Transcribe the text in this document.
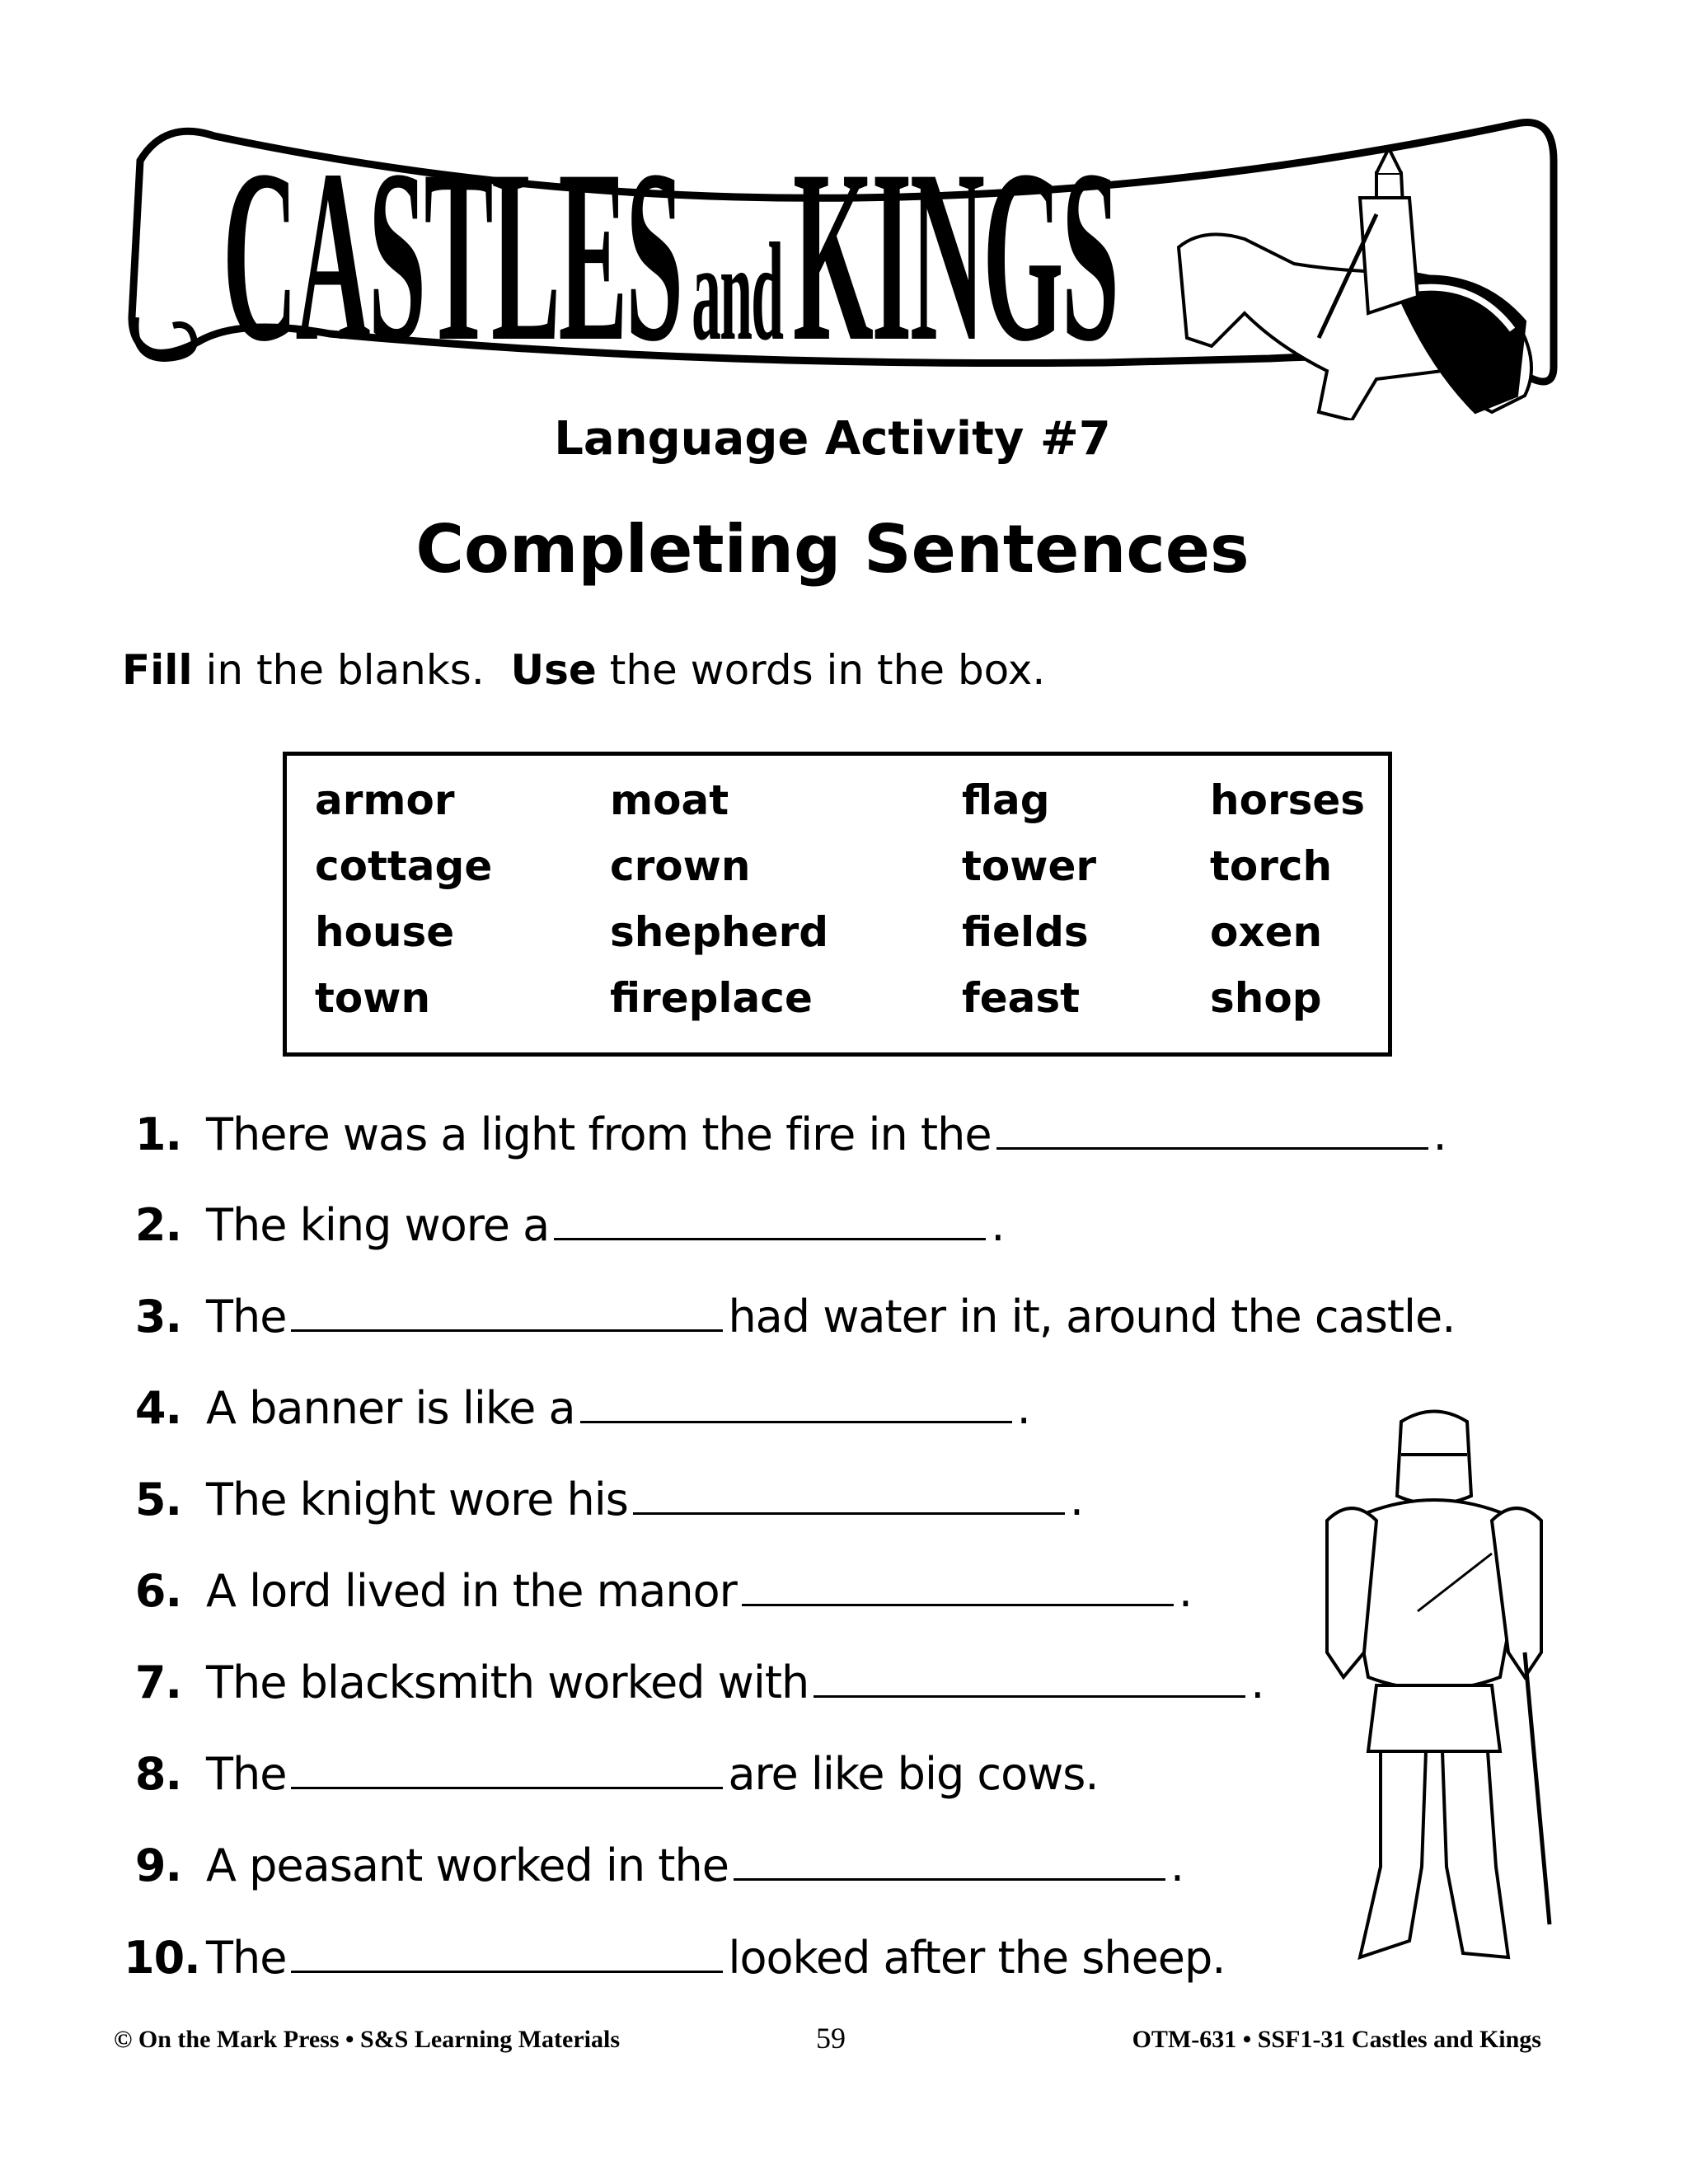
CASTLESandKINGS
Language Activity #7
Completing Sentences
Fill in the blanks.  Use the words in the box.
armor	moat	flag	horses
cottage	crown	tower	torch
house	shepherd	fields	oxen
town	fireplace	feast	shop
1. There was a light from the fire in the	.
2. The king wore a	.
3. The	had water in it, around the castle.
4. A banner is like a	.
5. The knight wore his	.
6. A lord lived in the manor	.
7. The blacksmith worked with	.
8. The	are like big cows.
9. A peasant worked in the	.
10. The	looked after the sheep.
© On the Mark Press • S&S Learning Materials	59	OTM-631 • SSF1-31 Castles and Kings
